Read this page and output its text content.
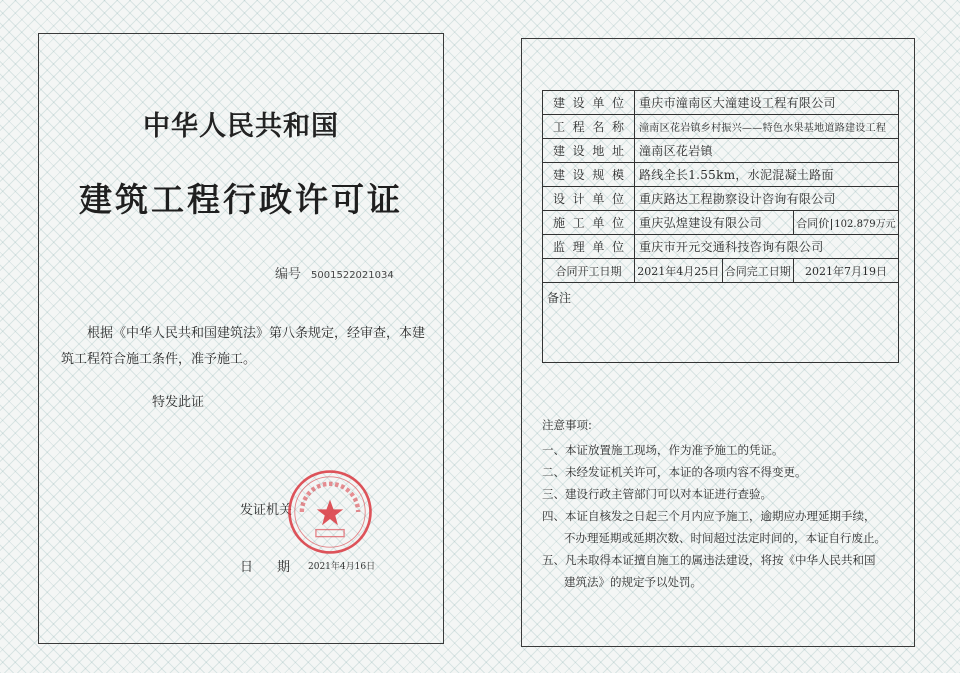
中华人民共和国
建筑工程行政许可证
编号 5001522021034
根据《中华人民共和国建筑法》第八条规定，经审查，本建筑工程符合施工条件，准予施工。
特发此证
发证机关
日期
2021年4月16日
建设单位	重庆市潼南区大潼建设工程有限公司		
工程名称	潼南区花岩镇乡村振兴——特色水果基地道路建设工程		
建设地址	潼南区花岩镇		
建设规模	路线全长1.55km，水泥混凝土路面		
设计单位	重庆路达工程勘察设计咨询有限公司		
施工单位	重庆弘煌建设有限公司		合同价 102.879万元
监理单位	重庆市开元交通科技咨询有限公司		
合同开工日期	2021年4月25日	合同完工日期	2021年7月19日
备注			
注意事项:
一、本证放置施工现场，作为准予施工的凭证。
二、未经发证机关许可，本证的各项内容不得变更。
三、建设行政主管部门可以对本证进行查验。
四、本证自核发之日起三个月内应予施工，逾期应办理延期手续，
不办理延期或延期次数、时间超过法定时间的，本证自行废止。
五、凡未取得本证擅自施工的属违法建设，将按《中华人民共和国
建筑法》的规定予以处罚。
